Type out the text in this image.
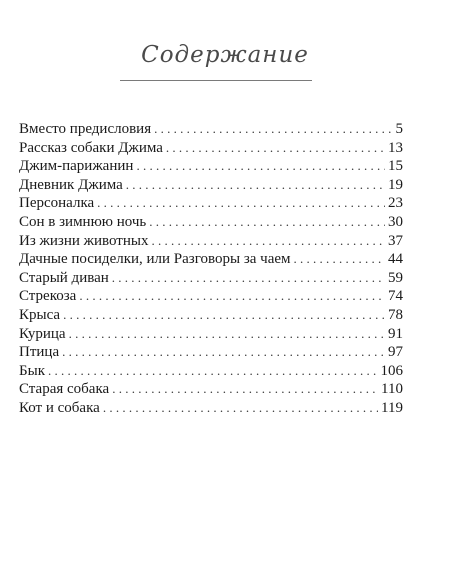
Содержание
Вместо предисловия . . .	5
Рассказ собаки Джима . . .	13
Джим-парижанин . . .	15
Дневник Джима . . .	19
Персоналка . . .	23
Сон в зимнюю ночь . . .	30
Из жизни животных . . .	37
Дачные посиделки, или Разговоры за чаем . . .	44
Старый диван . . .	59
Стрекоза . . .	74
Крыса . . .	78
Курица . . .	91
Птица . . .	97
Бык . . .	106
Старая собака . . .	110
Кот и собака . . .	119
